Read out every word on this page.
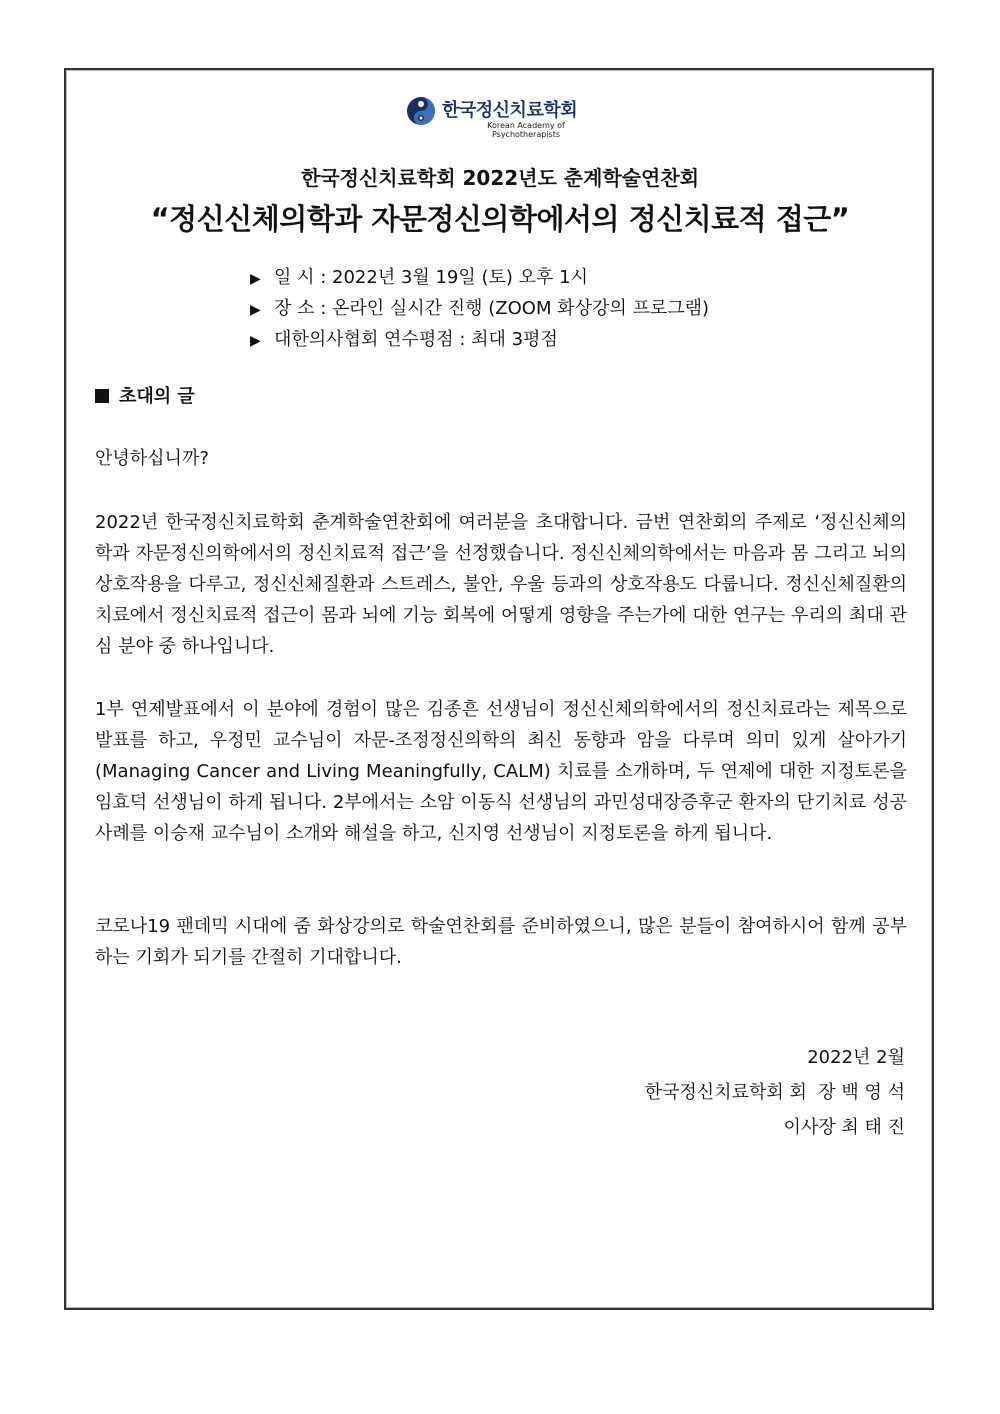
한국정신치료학회
Korean Academy of
Psychotherapists
한국정신치료학회 2022년도 춘계학술연찬회
“정신신체의학과 자문정신의학에서의 정신치료적 접근”
▶ 일 시 : 2022년 3월 19일 (토) 오후 1시
▶ 장 소 : 온라인 실시간 진행 (ZOOM 화상강의 프로그램)
▶ 대한의사협회 연수평점 : 최대 3평점
초대의 글
안녕하십니까?
2022년 한국정신치료학회 춘계학술연찬회에 여러분을 초대합니다. 금번 연찬회의 주제로 ‘정신신체의학과 자문정신의학에서의 정신치료적 접근’을 선정했습니다. 정신신체의학에서는 마음과 몸 그리고 뇌의 상호작용을 다루고, 정신신체질환과 스트레스, 불안, 우울 등과의 상호작용도 다룹니다. 정신신체질환의 치료에서 정신치료적 접근이 몸과 뇌에 기능 회복에 어떻게 영향을 주는가에 대한 연구는 우리의 최대 관심 분야 중 하나입니다.
1부 연제발표에서 이 분야에 경험이 많은 김종흔 선생님이 정신신체의학에서의 정신치료라는 제목으로 발표를 하고, 우정민 교수님이 자문-조정정신의학의 최신 동향과 암을 다루며 의미 있게 살아가기(Managing Cancer and Living Meaningfully, CALM) 치료를 소개하며, 두 연제에 대한 지정토론을 임효덕 선생님이 하게 됩니다. 2부에서는 소암 이동식 선생님의 과민성대장증후군 환자의 단기치료 성공사례를 이승재 교수님이 소개와 해설을 하고, 신지영 선생님이 지정토론을 하게 됩니다.
코로나19 팬데믹 시대에 줌 화상강의로 학술연찬회를 준비하였으니, 많은 분들이 참여하시어 함께 공부하는 기회가 되기를 간절히 기대합니다.
2022년 2월
한국정신치료학회 회  장 백 영 석
이사장 최 태 진
